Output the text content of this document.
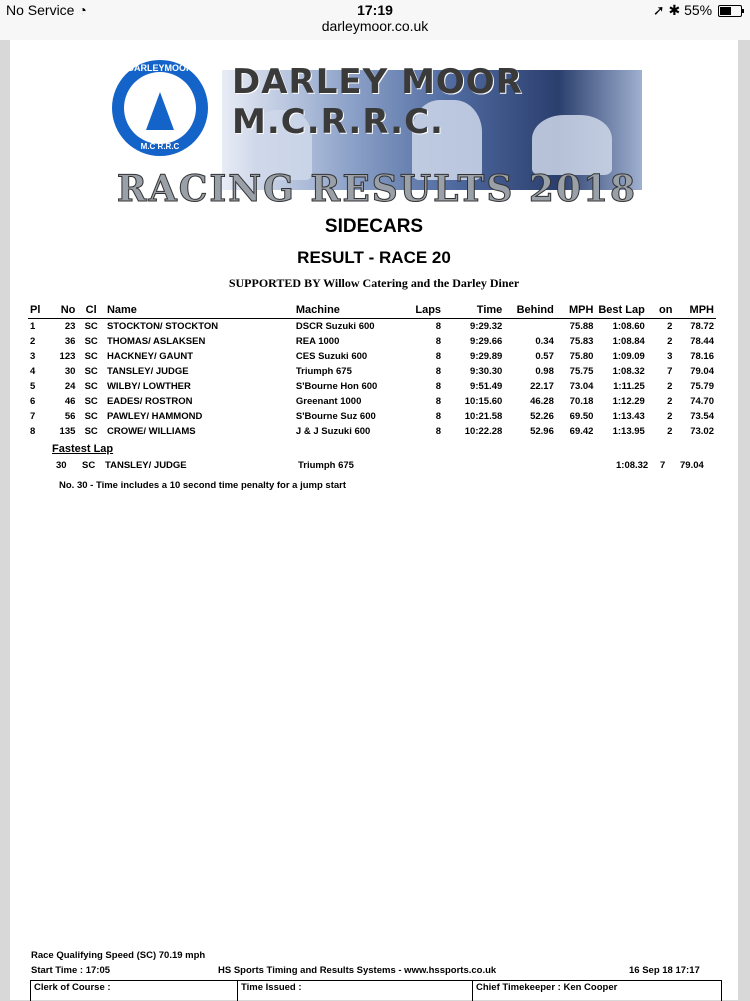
No Service ◔	17:19
darleymoor.co.uk
➚ ✱ 55%
DARLEY MOOR M.C.R.R.C.
DARLEYMOOR
M.C R.R.C
RACING RESULTS 2018
SIDECARS
RESULT - RACE 20
SUPPORTED BY Willow Catering and the Darley Diner
Pl	No	Cl	Name	Machine	Laps	Time	Behind	MPH	Best Lap	on	MPH
1	23	SC	STOCKTON/ STOCKTON	DSCR Suzuki 600	8	9:29.32		75.88	1:08.60	2	78.72
2	36	SC	THOMAS/ ASLAKSEN	REA 1000	8	9:29.66	0.34	75.83	1:08.84	2	78.44
3	123	SC	HACKNEY/ GAUNT	CES Suzuki 600	8	9:29.89	0.57	75.80	1:09.09	3	78.16
4	30	SC	TANSLEY/ JUDGE	Triumph 675	8	9:30.30	0.98	75.75	1:08.32	7	79.04
5	24	SC	WILBY/ LOWTHER	S'Bourne Hon 600	8	9:51.49	22.17	73.04	1:11.25	2	75.79
6	46	SC	EADES/ ROSTRON	Greenant 1000	8	10:15.60	46.28	70.18	1:12.29	2	74.70
7	56	SC	PAWLEY/ HAMMOND	S'Bourne Suz 600	8	10:21.58	52.26	69.50	1:13.43	2	73.54
8	135	SC	CROWE/ WILLIAMS	J & J Suzuki 600	8	10:22.28	52.96	69.42	1:13.95	2	73.02
Fastest Lap
30 SC TANSLEY/ JUDGE	Triumph 675	1:08.32 7 79.04
No. 30 - Time includes a 10 second time penalty for a jump start
Race Qualifying Speed (SC) 70.19 mph
Start Time : 17:05	HS Sports Timing and Results Systems - www.hssports.co.uk	16 Sep 18 17:17
Clerk of Course :	Time Issued :	Chief Timekeeper : Ken Cooper
